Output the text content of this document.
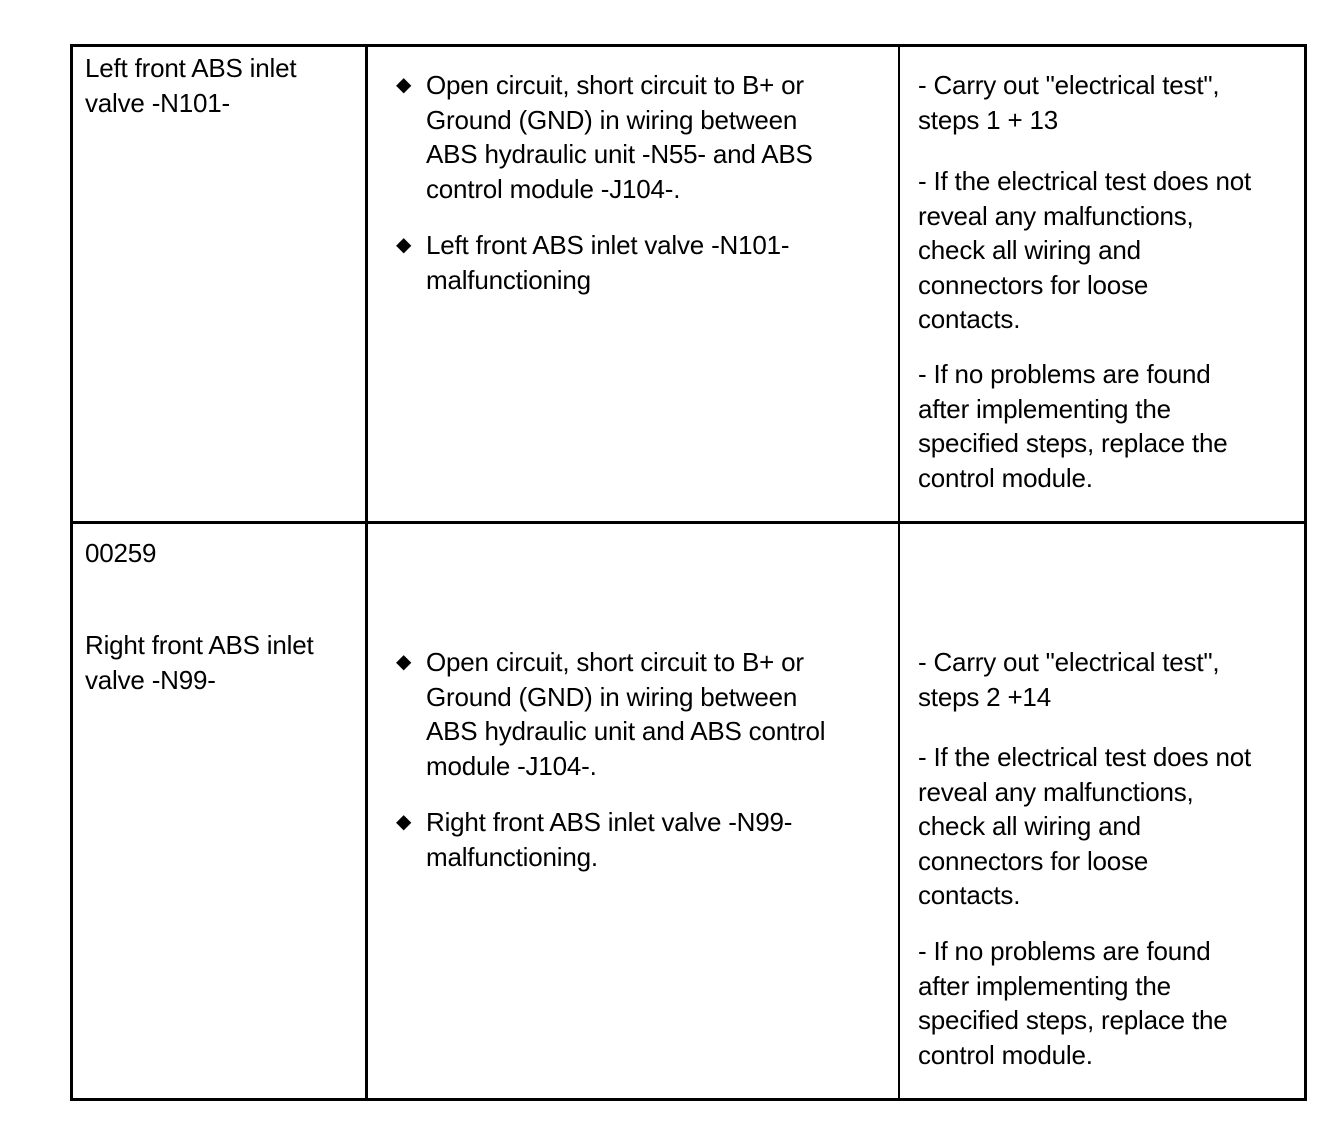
Left front ABS inlet
valve -N101-
◆ Open circuit, short circuit to B+ or
Ground (GND) in wiring between
ABS hydraulic unit -N55- and ABS
control module -J104-.
◆ Left front ABS inlet valve -N101-
malfunctioning
- Carry out "electrical test",
steps 1 + 13
- If the electrical test does not
reveal any malfunctions,
check all wiring and
connectors for loose
contacts.
- If no problems are found
after implementing the
specified steps, replace the
control module.
00259
Right front ABS inlet
valve -N99-
◆ Open circuit, short circuit to B+ or
Ground (GND) in wiring between
ABS hydraulic unit and ABS control
module -J104-.
◆ Right front ABS inlet valve -N99-
malfunctioning.
- Carry out "electrical test",
steps 2 +14
- If the electrical test does not
reveal any malfunctions,
check all wiring and
connectors for loose
contacts.
- If no problems are found
after implementing the
specified steps, replace the
control module.
